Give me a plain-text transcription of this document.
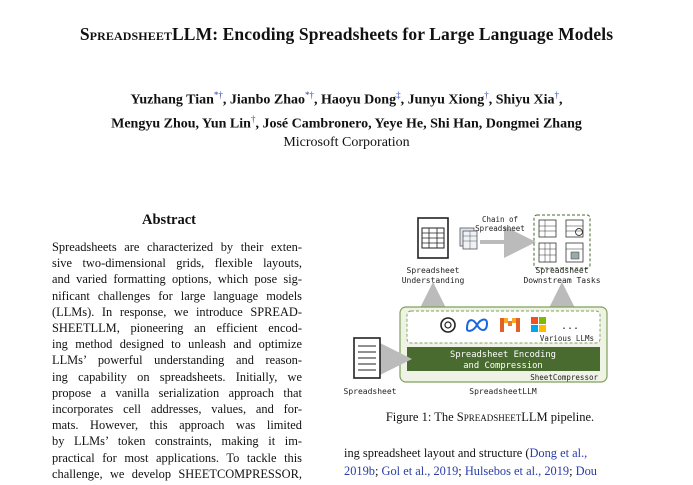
SpreadsheetLLM: Encoding Spreadsheets for Large Language Models
Yuzhang Tian*†, Jianbo Zhao*†, Haoyu Dong‡, Junyu Xiong†, Shiyu Xia†,
Mengyu Zhou, Yun Lin†, José Cambronero, Yeye He, Shi Han, Dongmei Zhang
Microsoft Corporation
Abstract
Spreadsheets are characterized by their exten-
sive two-dimensional grids, flexible layouts,
and varied formatting options, which pose sig-
nificant challenges for large language models
(LLMs). In response, we introduce SPREAD-
SHEETLLM, pioneering an efficient encod-
ing method designed to unleash and optimize
LLMs’ powerful understanding and reason-
ing capability on spreadsheets. Initially, we
propose a vanilla serialization approach that
incorporates cell addresses, values, and for-
mats. However, this approach was limited
by LLMs’ token constraints, making it im-
practical for most applications. To tackle this
challenge, we develop SHEETCOMPRESSOR,
Chain of
Spreadsheet
Spreadsheet
Understanding
Spreadsheet
Downstream Tasks
...
Various LLMs
Spreadsheet Encoding
and Compression
SheetCompressor
Spreadsheet	SpreadsheetLLM
Figure 1: The SpreadsheetLLM pipeline.
ing spreadsheet layout and structure (Dong et al.,
2019b; Gol et al., 2019; Hulsebos et al., 2019; Dou
